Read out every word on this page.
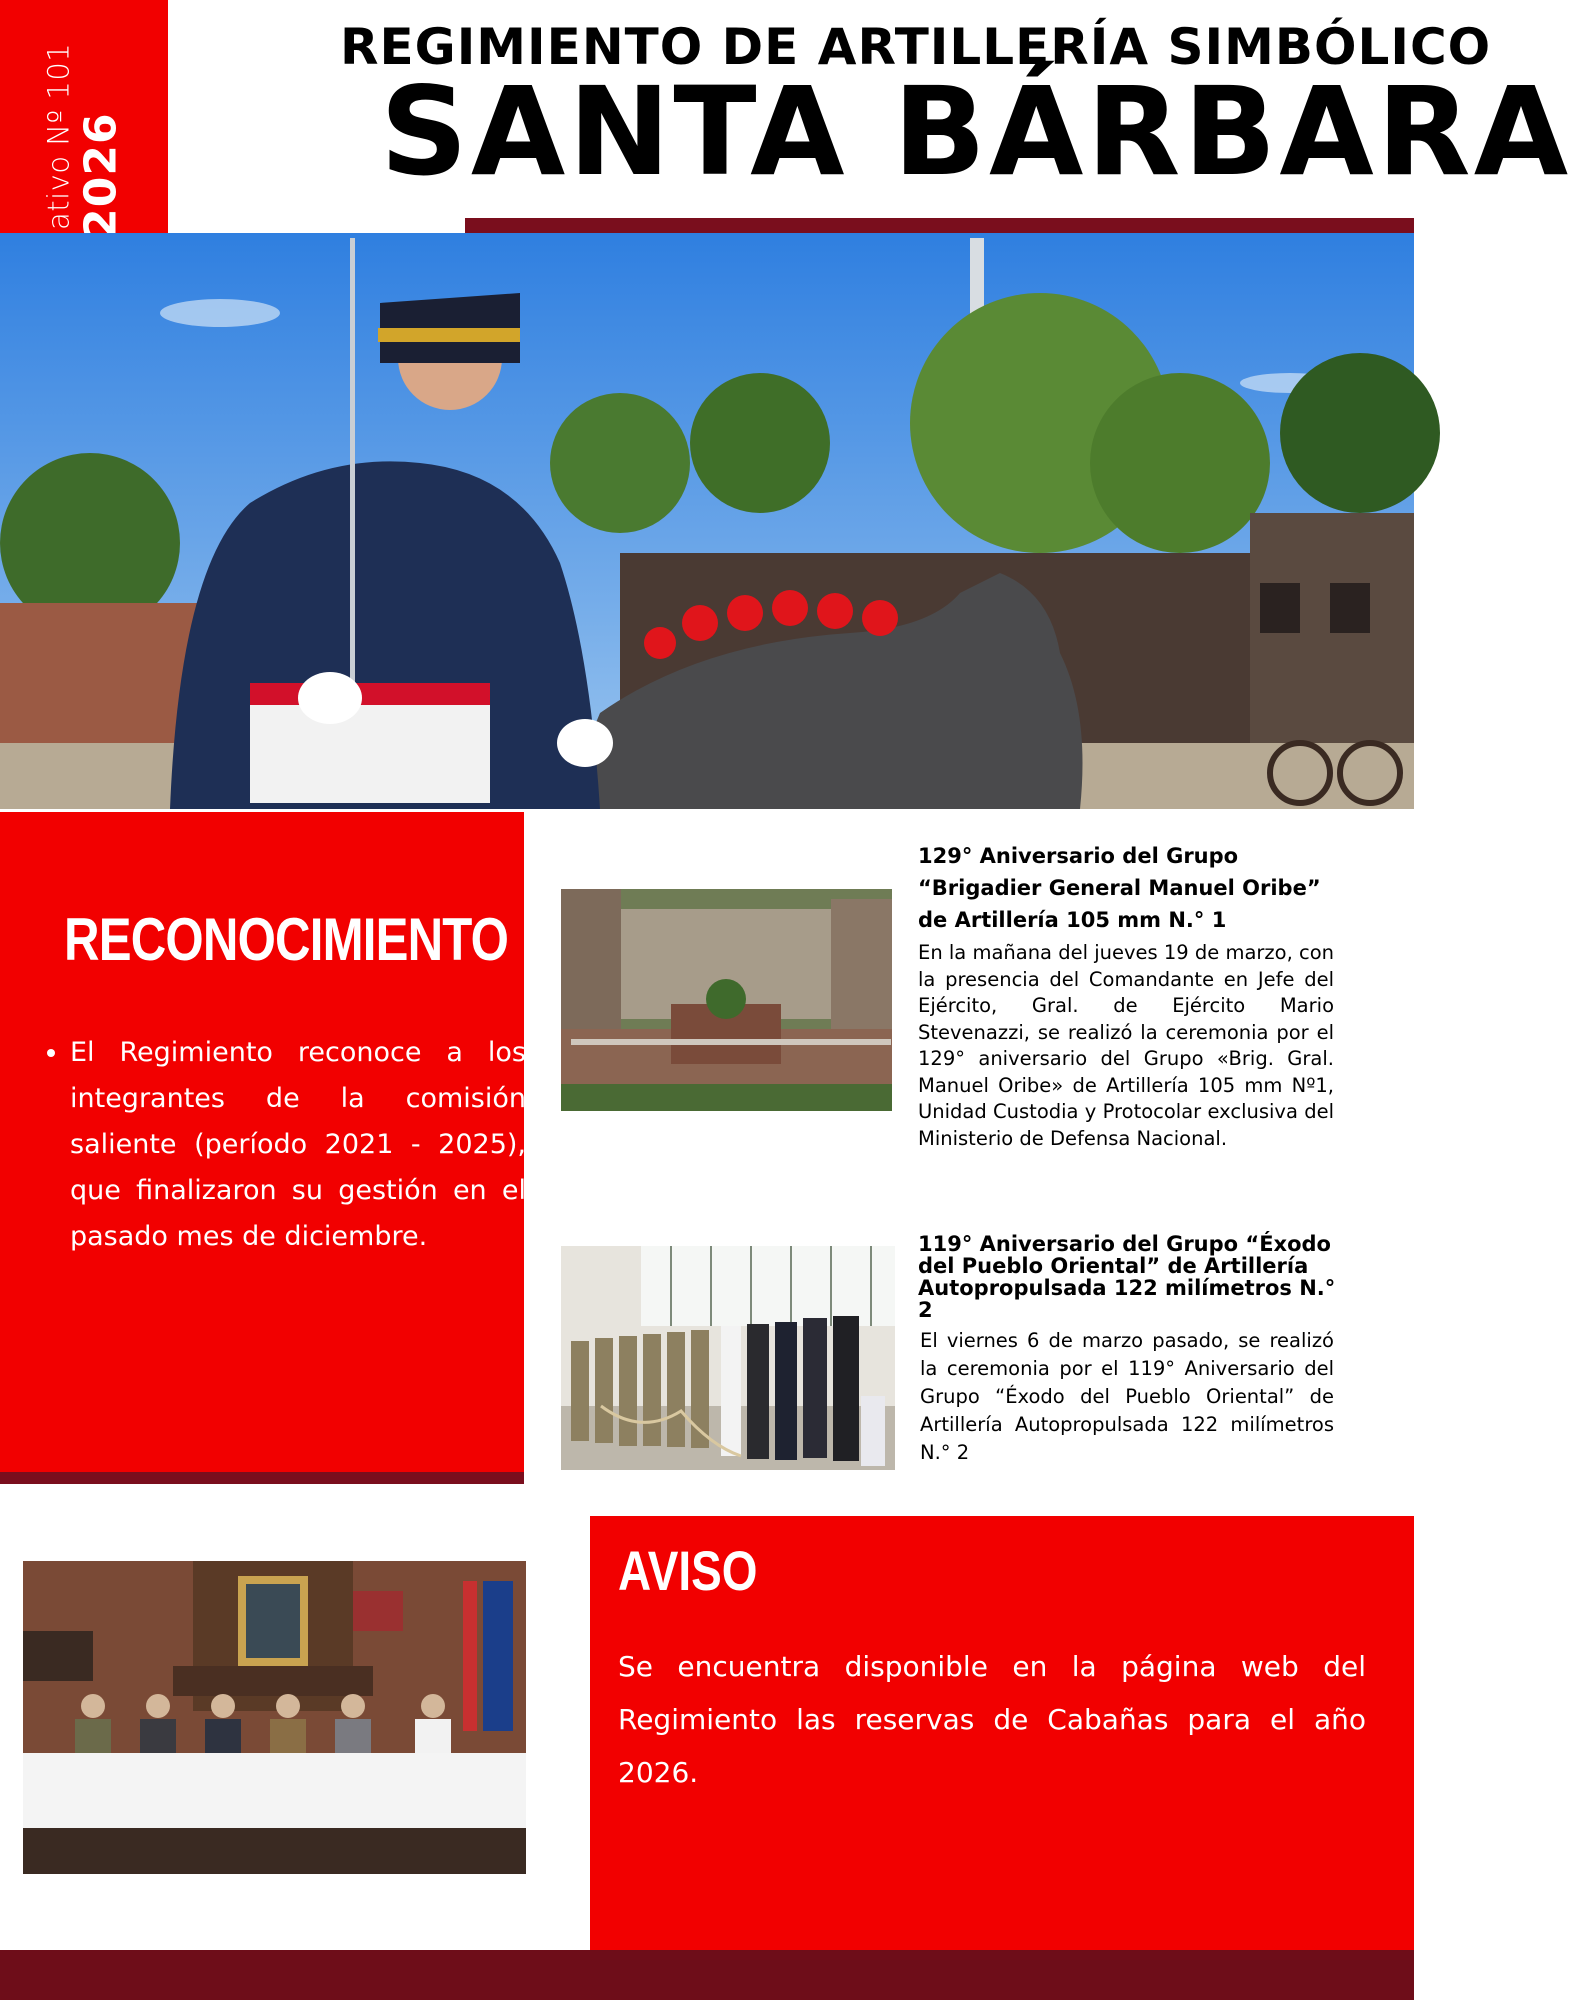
REGIMIENTO DE ARTILLERÍA SIMBÓLICO
SANTA BÁRBARA
RECONOCIMIENTO
• El Regimiento reconoce a los integrantes de la comisión saliente (período 2021 - 2025), que finalizaron su gestión en el pasado mes de diciembre.
129° Aniversario del Grupo “Brigadier General Manuel Oribe” de Artillería 105 mm N.° 1
En la mañana del jueves 19 de marzo, con la presencia del Comandante en Jefe del Ejército, Gral. de Ejército Mario Stevenazzi, se realizó la ceremonia por el 129° aniversario del Grupo «Brig. Gral. Manuel Oribe» de Artillería 105 mm Nº1, Unidad Custodia y Protocolar exclusiva del Ministerio de Defensa Nacional.
119° Aniversario del Grupo “Éxodo del Pueblo Oriental” de Artillería Autopropulsada 122 milímetros N.° 2
El viernes 6 de marzo pasado, se realizó la ceremonia por el 119° Aniversario del Grupo “Éxodo del Pueblo Oriental” de Artillería Autopropulsada 122 milímetros N.° 2
AVISO
Se encuentra disponible en la página web del Regimiento las reservas de Cabañas para el año 2026.
